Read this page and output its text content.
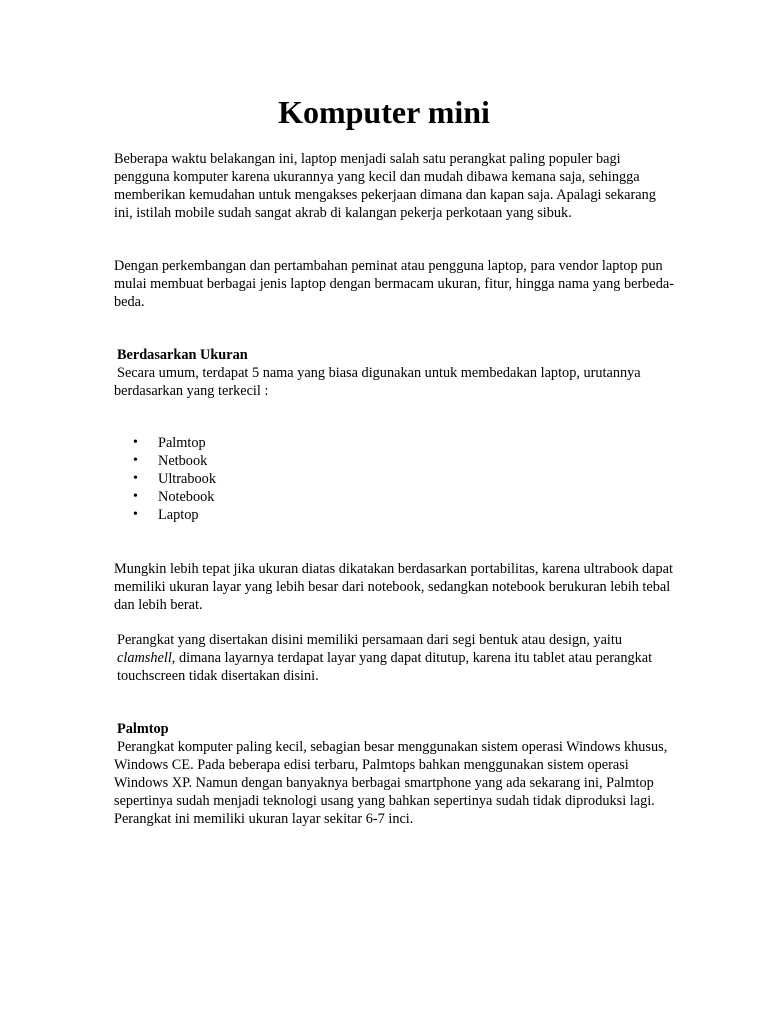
Komputer mini

Beberapa waktu belakangan ini, laptop menjadi salah satu perangkat paling populer bagi pengguna komputer karena ukurannya yang kecil dan mudah dibawa kemana saja, sehingga memberikan kemudahan untuk mengakses pekerjaan dimana dan kapan saja. Apalagi sekarang ini, istilah mobile sudah sangat akrab di kalangan pekerja perkotaan yang sibuk.

Dengan perkembangan dan pertambahan peminat atau pengguna laptop, para vendor laptop pun mulai membuat berbagai jenis laptop dengan bermacam ukuran, fitur, hingga nama yang berbeda-beda.

Berdasarkan Ukuran
Secara umum, terdapat 5 nama yang biasa digunakan untuk membedakan laptop, urutannya berdasarkan yang terkecil :
• Palmtop
• Netbook
• Ultrabook
• Notebook
• Laptop

Mungkin lebih tepat jika ukuran diatas dikatakan berdasarkan portabilitas, karena ultrabook dapat memiliki ukuran layar yang lebih besar dari notebook, sedangkan notebook berukuran lebih tebal dan lebih berat.

Perangkat yang disertakan disini memiliki persamaan dari segi bentuk atau design, yaitu clamshell, dimana layarnya terdapat layar yang dapat ditutup, karena itu tablet atau perangkat touchscreen tidak disertakan disini.

Palmtop
Perangkat komputer paling kecil, sebagian besar menggunakan sistem operasi Windows khusus, Windows CE. Pada beberapa edisi terbaru, Palmtops bahkan menggunakan sistem operasi Windows XP. Namun dengan banyaknya berbagai smartphone yang ada sekarang ini, Palmtop sepertinya sudah menjadi teknologi usang yang bahkan sepertinya sudah tidak diproduksi lagi. Perangkat ini memiliki ukuran layar sekitar 6-7 inci.
